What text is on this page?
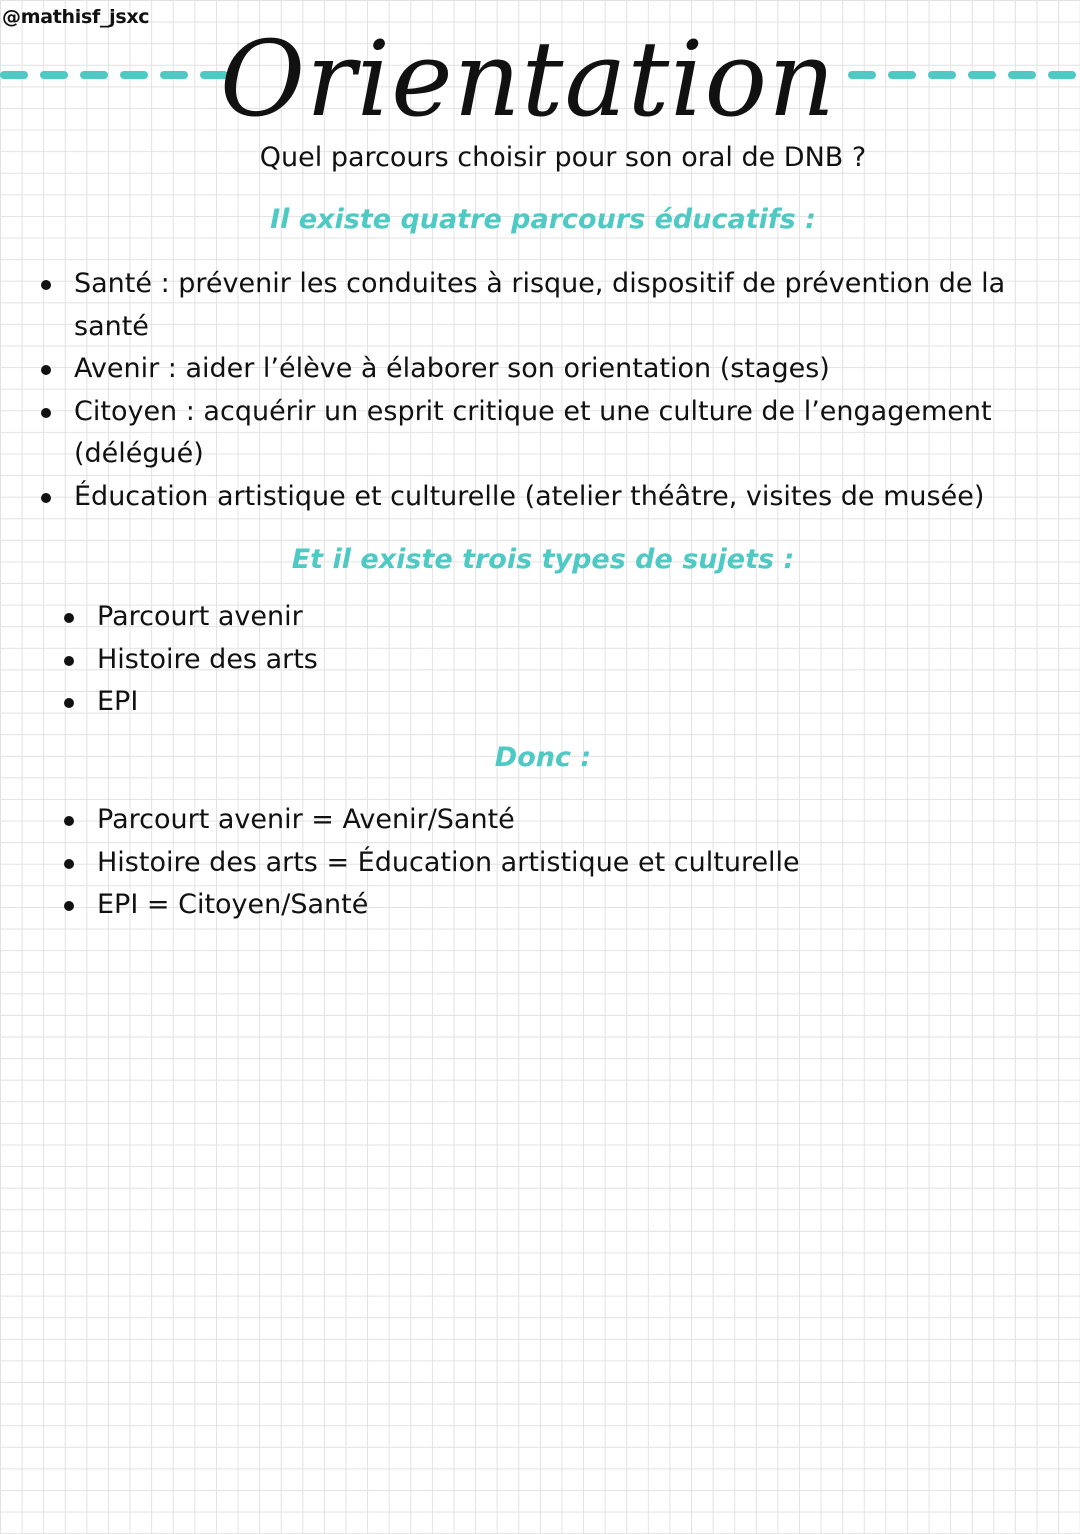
@mathisf_jsxc
Orientation
Quel parcours choisir pour son oral de DNB ?
Il existe quatre parcours éducatifs :
Santé : prévenir les conduites à risque, dispositif de prévention de la santé
Avenir : aider l’élève à élaborer son orientation (stages)
Citoyen : acquérir un esprit critique et une culture de l’engagement (délégué)
Éducation artistique et culturelle (atelier théâtre, visites de musée)
Et il existe trois types de sujets :
Parcourt avenir
Histoire des arts
EPI
Donc :
Parcourt avenir = Avenir/Santé
Histoire des arts = Éducation artistique et culturelle
EPI = Citoyen/Santé
